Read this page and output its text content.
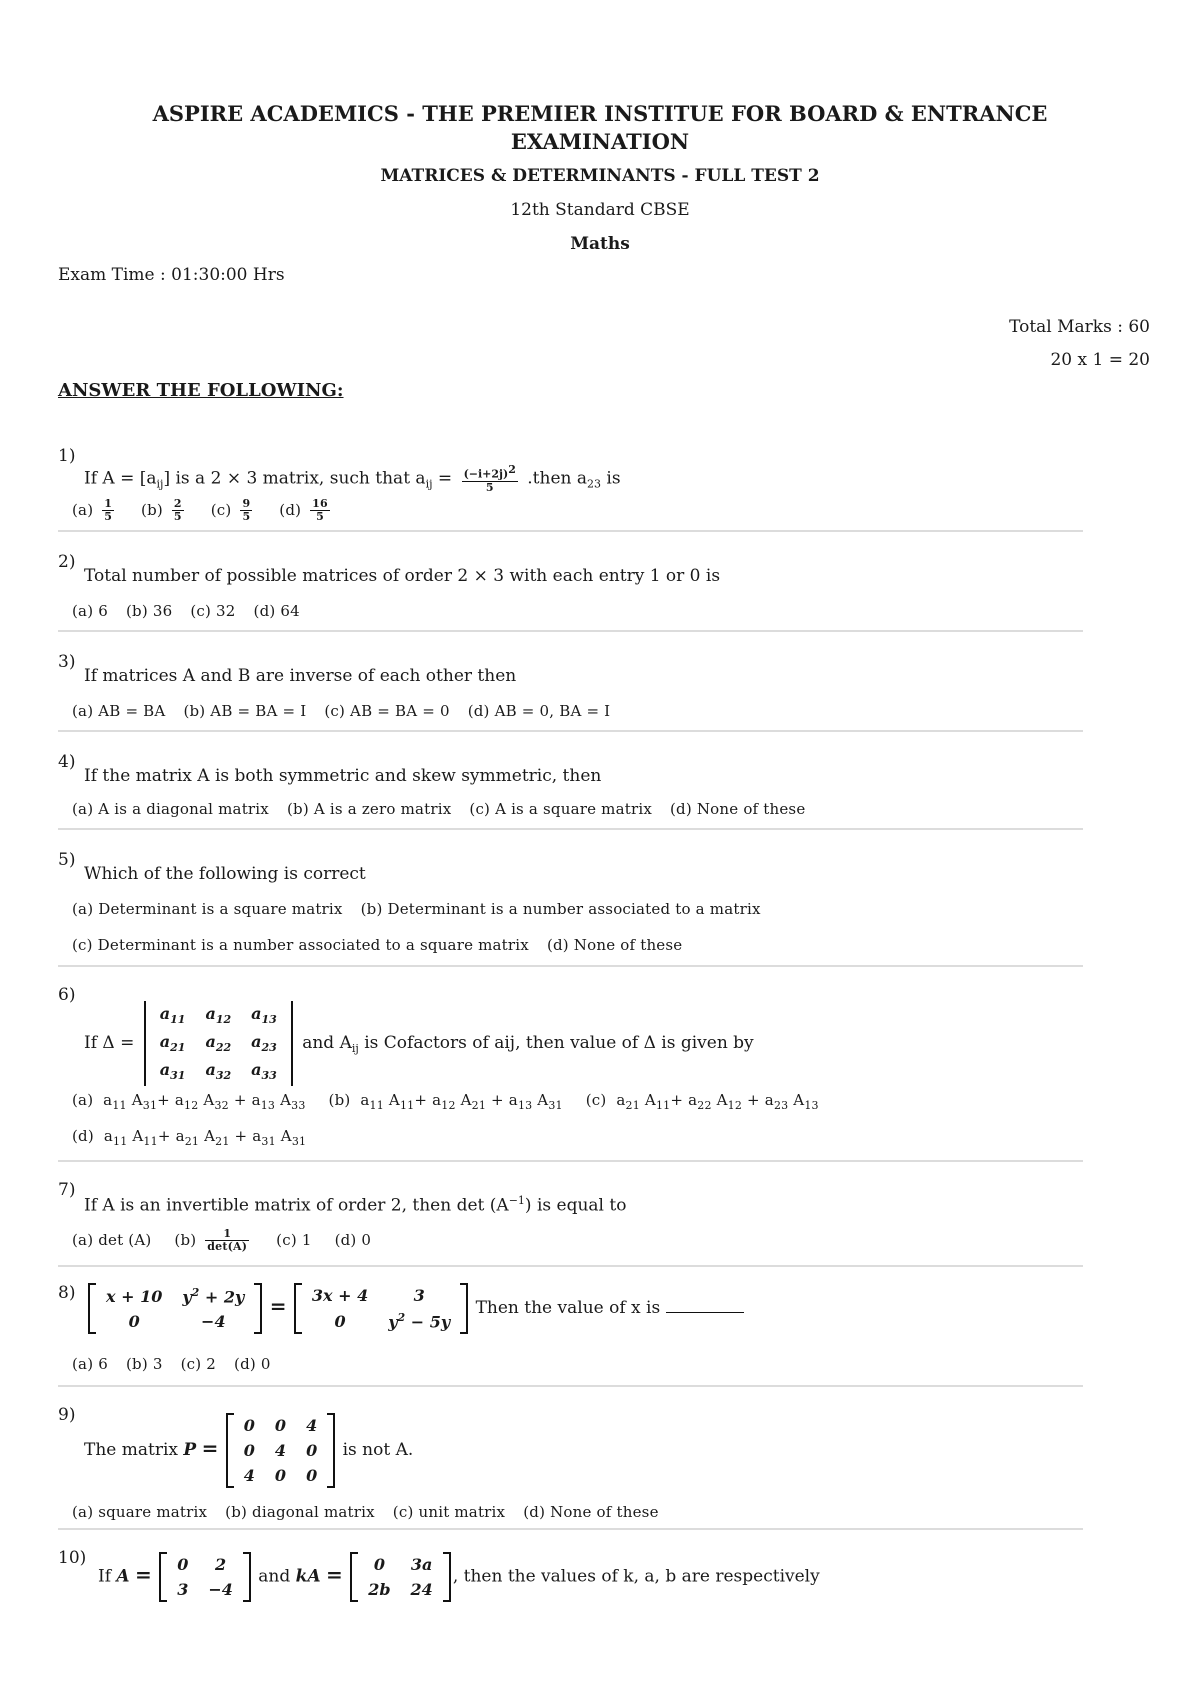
ASPIRE ACADEMICS - THE PREMIER INSTITUE FOR BOARD & ENTRANCE EXAMINATION
MATRICES & DETERMINANTS - FULL TEST 2
12th Standard CBSE
Maths
Exam Time : 01:30:00 Hrs
Total Marks : 60
20 x 1 = 20
ANSWER THE FOLLOWING:
1)
If $A = [a_{ij}]$ is a 2 × 3 matrix, such that $a_{ij} = \frac{(-i+2j)^2}{5}$ .then $a_{23}$ is
$(a) \frac{1}{5} (b) \frac{2}{5} (c) \frac{9}{5} (d) \frac{16}{5}$
2)
Total number of possible matrices of order 2 × 3 with each entry 1 or 0 is
(a) 6 (b) 36 (c) 32 (d) 64
3)
If matrices A and B are inverse of each other then
(a) AB = BA (b) AB = BA = I (c) AB = BA = 0 (d) AB = 0, BA = I
4)
If the matrix A is both symmetric and skew symmetric, then
(a) A is a diagonal matrix (b) A is a zero matrix (c) A is a square matrix (d) None of these
5)
Which of the following is correct
(a) Determinant is a square matrix (b) Determinant is a number associated to a matrix
(c) Determinant is a number associated to a square matrix (d) None of these
6)
If Δ =
$a_{11}$	$a_{12}$	$a_{13}$
$a_{21}$	$a_{22}$	$a_{23}$
$a_{31}$	$a_{32}$	$a_{33}$
and $A_{ij}$ is Cofactors of aij, then value of Δ is given by
(a)  $a_{11}$ $A_{31}+ a_{12}$ $A_{32} + a_{13}$ $A_{33}$ (b)  $a_{11}$ $A_{11}+ a_{12}$ $A_{21} + a_{13}$ $A_{31}$ (c)  $a_{21}$ $A_{11}+ a_{22}$ $A_{12} + a_{23}$ $A_{13}$
(d)  $a_{11}$ $A_{11}+ a_{21}$ $A_{21} + a_{31}$ $A_{31}$
7)
If A is an invertible matrix of order 2, then $\det (A^{-1})$ is equal to
(a) det (A) $(b) \frac{1}{\det(A)} (c)$ 1 (d) 0
8) x + 10	$y^2 + 2y$
0	−4
= 3x + 4	3
0	$y^2 - 5y$
Then the value of x is
(a) 6 (b) 3 (c) 2 (d) 0
9)
The matrix P =
0	0	4
0	4	0
4	0	0
is not A.
(a) square matrix (b) diagonal matrix (c) unit matrix (d) None of these
10)
If A = 0	2
3	−4
and kA = 0	3a
2b	24
, then the values of k, a, b are respectively
